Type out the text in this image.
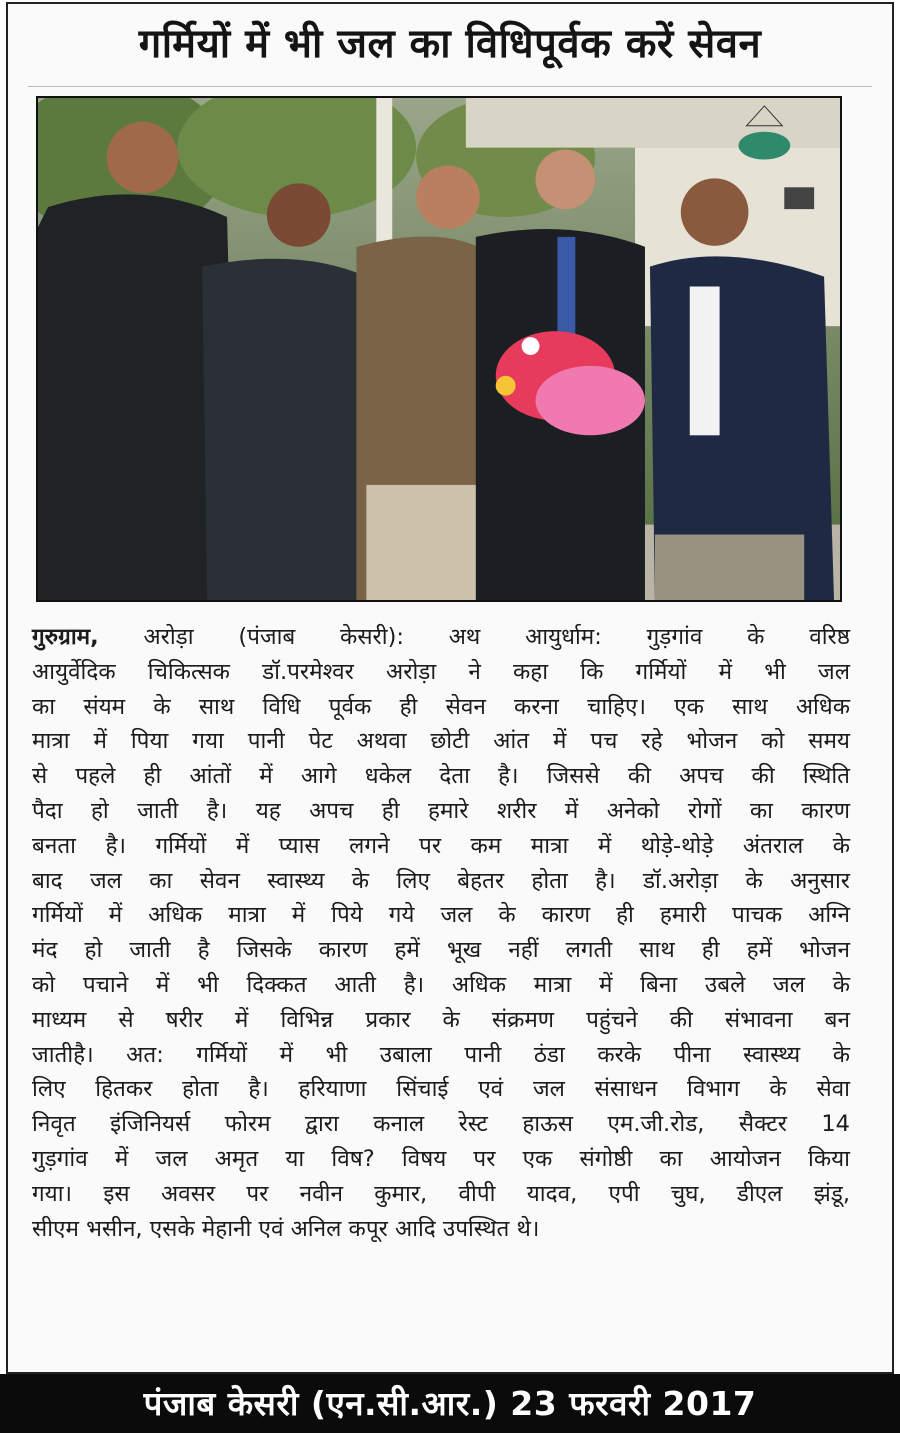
गर्मियों में भी जल का विधिपूर्वक करें सेवन
गुरुग्राम, अरोड़ा (पंजाब केसरी): अथ आयुर्धाम: गुड़गांव के वरिष्ठ
आयुर्वेदिक चिकित्सक डॉ.परमेश्वर अरोड़ा ने कहा कि गर्मियों में भी जल
का संयम के साथ विधि पूर्वक ही सेवन करना चाहिए। एक साथ अधिक
मात्रा में पिया गया पानी पेट अथवा छोटी आंत में पच रहे भोजन को समय
से पहले ही आंतों में आगे धकेल देता है। जिससे की अपच की स्थिति
पैदा हो जाती है। यह अपच ही हमारे शरीर में अनेको रोगों का कारण
बनता है। गर्मियों में प्यास लगने पर कम मात्रा में थोड़े-थोड़े अंतराल के
बाद जल का सेवन स्वास्थ्य के लिए बेहतर होता है। डॉ.अरोड़ा के अनुसार
गर्मियों में अधिक मात्रा में पिये गये जल के कारण ही हमारी पाचक अग्नि
मंद हो जाती है जिसके कारण हमें भूख नहीं लगती साथ ही हमें भोजन
को पचाने में भी दिक्कत आती है। अधिक मात्रा में बिना उबले जल के
माध्यम से षरीर में विभिन्न प्रकार के संक्रमण पहुंचने की संभावना बन
जातीहै। अत: गर्मियों में भी उबाला पानी ठंडा करके पीना स्वास्थ्य के
लिए हितकर होता है। हरियाणा सिंचाई एवं जल संसाधन विभाग के सेवा
निवृत इंजिनियर्स फोरम द्वारा कनाल रेस्ट हाऊस एम.जी.रोड, सैक्टर 14
गुड़गांव में जल अमृत या विष? विषय पर एक संगोष्ठी का आयोजन किया
गया। इस अवसर पर नवीन कुमार, वीपी यादव, एपी चुघ, डीएल झंडू,
सीएम भसीन, एसके मेहानी एवं अनिल कपूर आदि उपस्थित थे।
पंजाब केसरी (एन.सी.आर.) 23 फरवरी 2017
